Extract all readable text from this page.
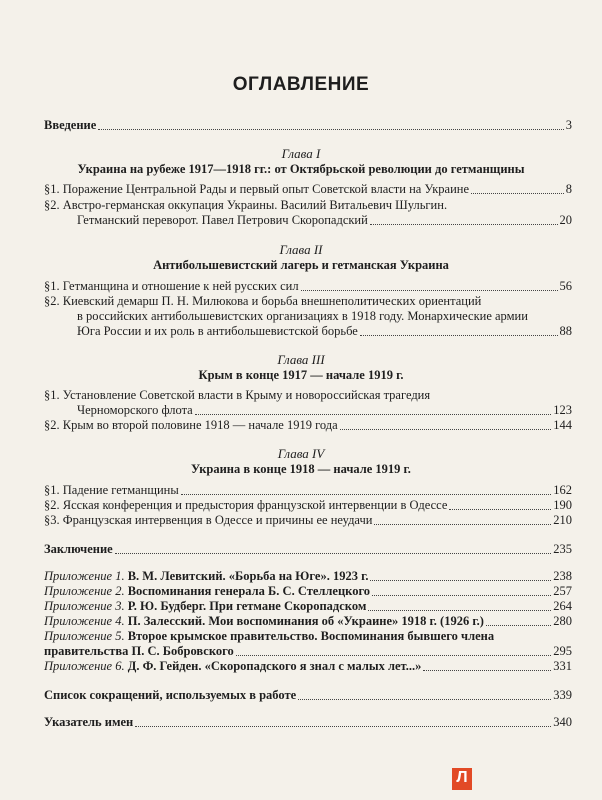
ОГЛАВЛЕНИЕ
Введение	3
Глава I
Украина на рубеже 1917—1918 гг.: от Октябрьской революции до гетманщины
§1. Поражение Центральной Рады и первый опыт Советской власти на Украине	8
§2. Австро-германская оккупация Украины. Василий Витальевич Шульгин.
Гетманский переворот. Павел Петрович Скоропадский	20
Глава II
Антибольшевистский лагерь и гетманская Украина
§1. Гетманщина и отношение к ней русских сил	56
§2. Киевский демарш П. Н. Милюкова и борьба внешнеполитических ориентаций
в российских антибольшевистских организациях в 1918 году. Монархические армии
Юга России и их роль в антибольшевистской борьбе	88
Глава III
Крым в конце 1917 — начале 1919 г.
§1. Установление Советской власти в Крыму и новороссийская трагедия
Черноморского флота	123
§2. Крым во второй половине 1918 — начале 1919 года	144
Глава IV
Украина в конце 1918 — начале 1919 г.
§1. Падение гетманщины	162
§2. Ясская конференция и предыстория французской интервенции в Одессе	190
§3. Французская интервенция в Одессе и причины ее неудачи	210
Заключение	235
Приложение 1. В. М. Левитский. «Борьба на Юге». 1923 г.	238
Приложение 2. Воспоминания генерала Б. С. Стеллецкого	257
Приложение 3. Р. Ю. Будберг. При гетмане Скоропадском	264
Приложение 4. П. Залесский. Мои воспоминания об «Украине» 1918 г. (1926 г.)	280
Приложение 5. Второе крымское правительство. Воспоминания бывшего члена
правительства П. С. Бобровского	295
Приложение 6. Д. Ф. Гейден. «Скоропадского я знал с малых лет...»	331
Список сокращений, используемых в работе	339
Указатель имен	340
Л
